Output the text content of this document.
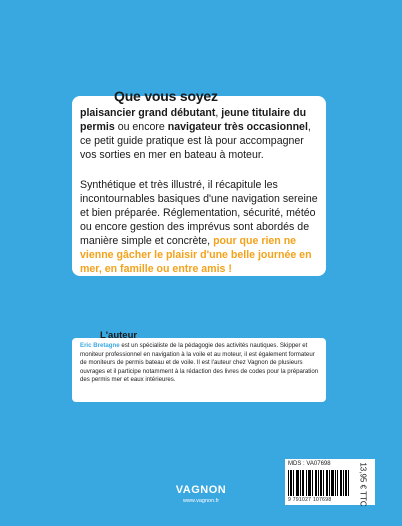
Que vous soyez
plaisancier grand débutant, jeune titulaire du permis ou encore navigateur très occasionnel, ce petit guide pratique est là pour accompagner vos sorties en mer en bateau à moteur.
Synthétique et très illustré, il récapitule les incontournables basiques d'une navigation sereine et bien préparée. Réglementation, sécurité, météo ou encore gestion des imprévus sont abordés de manière simple et concrète, pour que rien ne vienne gâcher le plaisir d'une belle journée en mer, en famille ou entre amis !
L'auteur
Eric Bretagne est un spécialiste de la pédagogie des activités nautiques. Skipper et moniteur professionnel en navigation à la voile et au moteur, il est également formateur de moniteurs de permis bateau et de voile. Il est l'auteur chez Vagnon de plusieurs ouvrages et il participe notamment à la rédaction des livres de codes pour la préparation des permis mer et eaux intérieures.
MDS : VA07698
9 791027 107698	13,95 € TTC
VAGNON
www.vagnon.fr
